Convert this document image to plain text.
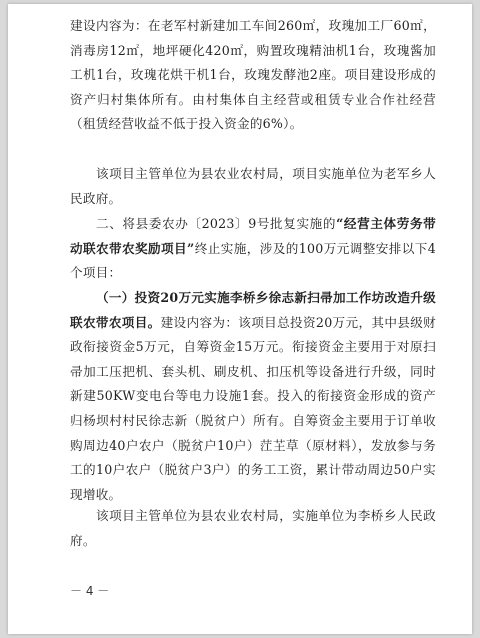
建设内容为：在老军村新建加工车间260㎡，玫瑰加工厂60㎡，消毒房12㎡，地坪硬化420㎡，购置玫瑰精油机1台，玫瑰酱加工机1台，玫瑰花烘干机1台，玫瑰发酵池2座。项目建设形成的资产归村集体所有。由村集体自主经营或租赁专业合作社经营（租赁经营收益不低于投入资金的6%）。

该项目主管单位为县农业农村局，项目实施单位为老军乡人民政府。

二、将县委农办〔2023〕9号批复实施的“经营主体劳务带动联农带农奖励项目”终止实施，涉及的100万元调整安排以下4个项目：

（一）投资20万元实施李桥乡徐志新扫帚加工作坊改造升级联农带农项目。建设内容为：该项目总投资20万元，其中县级财政衔接资金5万元，自筹资金15万元。衔接资金主要用于对原扫帚加工压把机、套头机、刷皮机、扣压机等设备进行升级，同时新建50KW变电台等电力设施1套。投入的衔接资金形成的资产归杨坝村村民徐志新（脱贫户）所有。自筹资金主要用于订单收购周边40户农户（脱贫户10户）茳芏草（原材料），发放参与务工的10户农户（脱贫户3户）的务工工资，累计带动周边50户实现增收。

该项目主管单位为县农业农村局，实施单位为李桥乡人民政府。

－ 4 －
